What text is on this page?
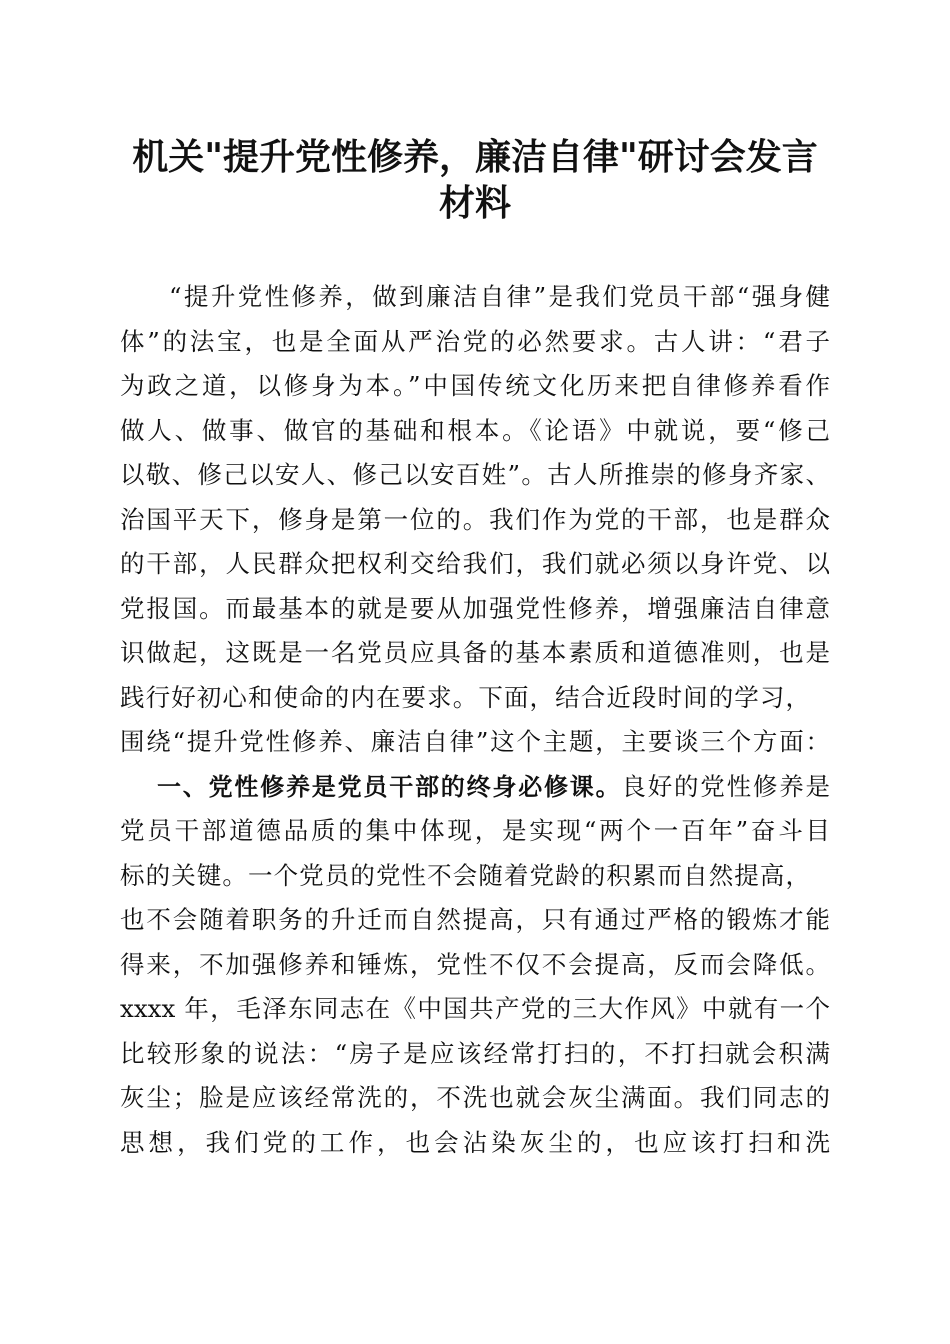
机关"提升党性修养，廉洁自律"研讨会发言
材料
“提升党性修养，做到廉洁自律”是我们党员干部“强身健
体”的法宝，也是全面从严治党的必然要求。古人讲：“君子
为政之道，以修身为本。”中国传统文化历来把自律修养看作
做人、做事、做官的基础和根本。《论语》中就说，要“修己
以敬、修己以安人、修己以安百姓”。古人所推崇的修身齐家、
治国平天下，修身是第一位的。我们作为党的干部，也是群众
的干部，人民群众把权利交给我们，我们就必须以身许党、以
党报国。而最基本的就是要从加强党性修养，增强廉洁自律意
识做起，这既是一名党员应具备的基本素质和道德准则，也是
践行好初心和使命的内在要求。下面，结合近段时间的学习，
围绕“提升党性修养、廉洁自律”这个主题，主要谈三个方面：
一、党性修养是党员干部的终身必修课。良好的党性修养是
党员干部道德品质的集中体现，是实现“两个一百年”奋斗目
标的关键。一个党员的党性不会随着党龄的积累而自然提高，
也不会随着职务的升迁而自然提高，只有通过严格的锻炼才能
得来，不加强修养和锤炼，党性不仅不会提高，反而会降低。
xxxx 年，毛泽东同志在《中国共产党的三大作风》中就有一个
比较形象的说法：“房子是应该经常打扫的，不打扫就会积满
灰尘；脸是应该经常洗的，不洗也就会灰尘满面。我们同志的
思想，我们党的工作，也会沾染灰尘的，也应该打扫和洗
